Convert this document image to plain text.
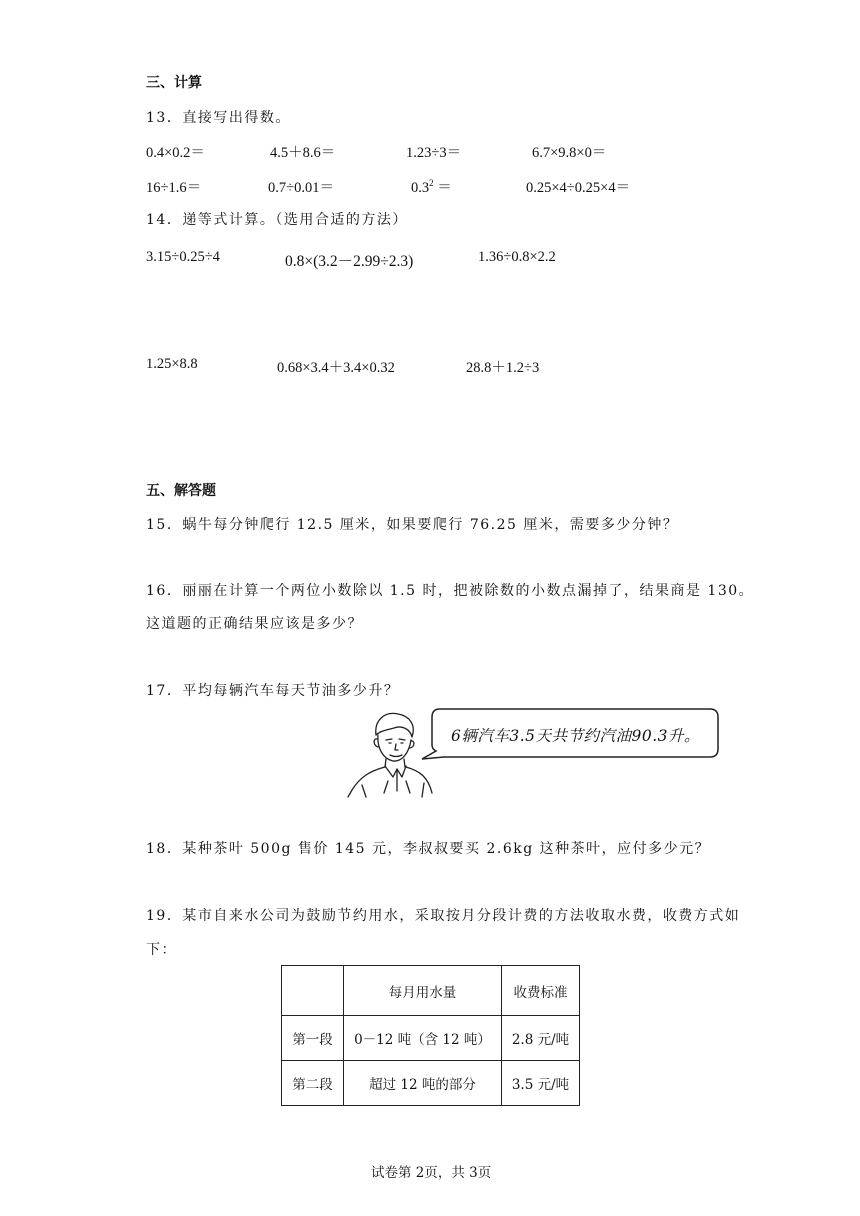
三、计算
13．直接写出得数。
0.4×0.2＝	4.5＋8.6＝	1.23÷3＝	6.7×9.8×0＝
16÷1.6＝	0.7÷0.01＝	$0.3^2$ ＝	0.25×4÷0.25×4＝
14．递等式计算。（选用合适的方法）
3.15÷0.25÷4	0.8×(3.2－2.99÷2.3)	1.36÷0.8×2.2
1.25×8.8	0.68×3.4＋3.4×0.32	28.8＋1.2÷3
五、解答题
15．蜗牛每分钟爬行 12.5 厘米，如果要爬行 76.25 厘米，需要多少分钟？
16．丽丽在计算一个两位小数除以 1.5 时，把被除数的小数点漏掉了，结果商是 130。
这道题的正确结果应该是多少？
17．平均每辆汽车每天节油多少升？
6辆汽车3.5天共节约汽油90.3升。
18．某种茶叶 500g 售价 145 元，李叔叔要买 2.6kg 这种茶叶，应付多少元？
19．某市自来水公司为鼓励节约用水，采取按月分段计费的方法收取水费，收费方式如
下：
	每月用水量	收费标准
第一段	0－12 吨（含 12 吨）	2.8 元/吨
第二段	超过 12 吨的部分	3.5 元/吨
试卷第 2页，共 3页
